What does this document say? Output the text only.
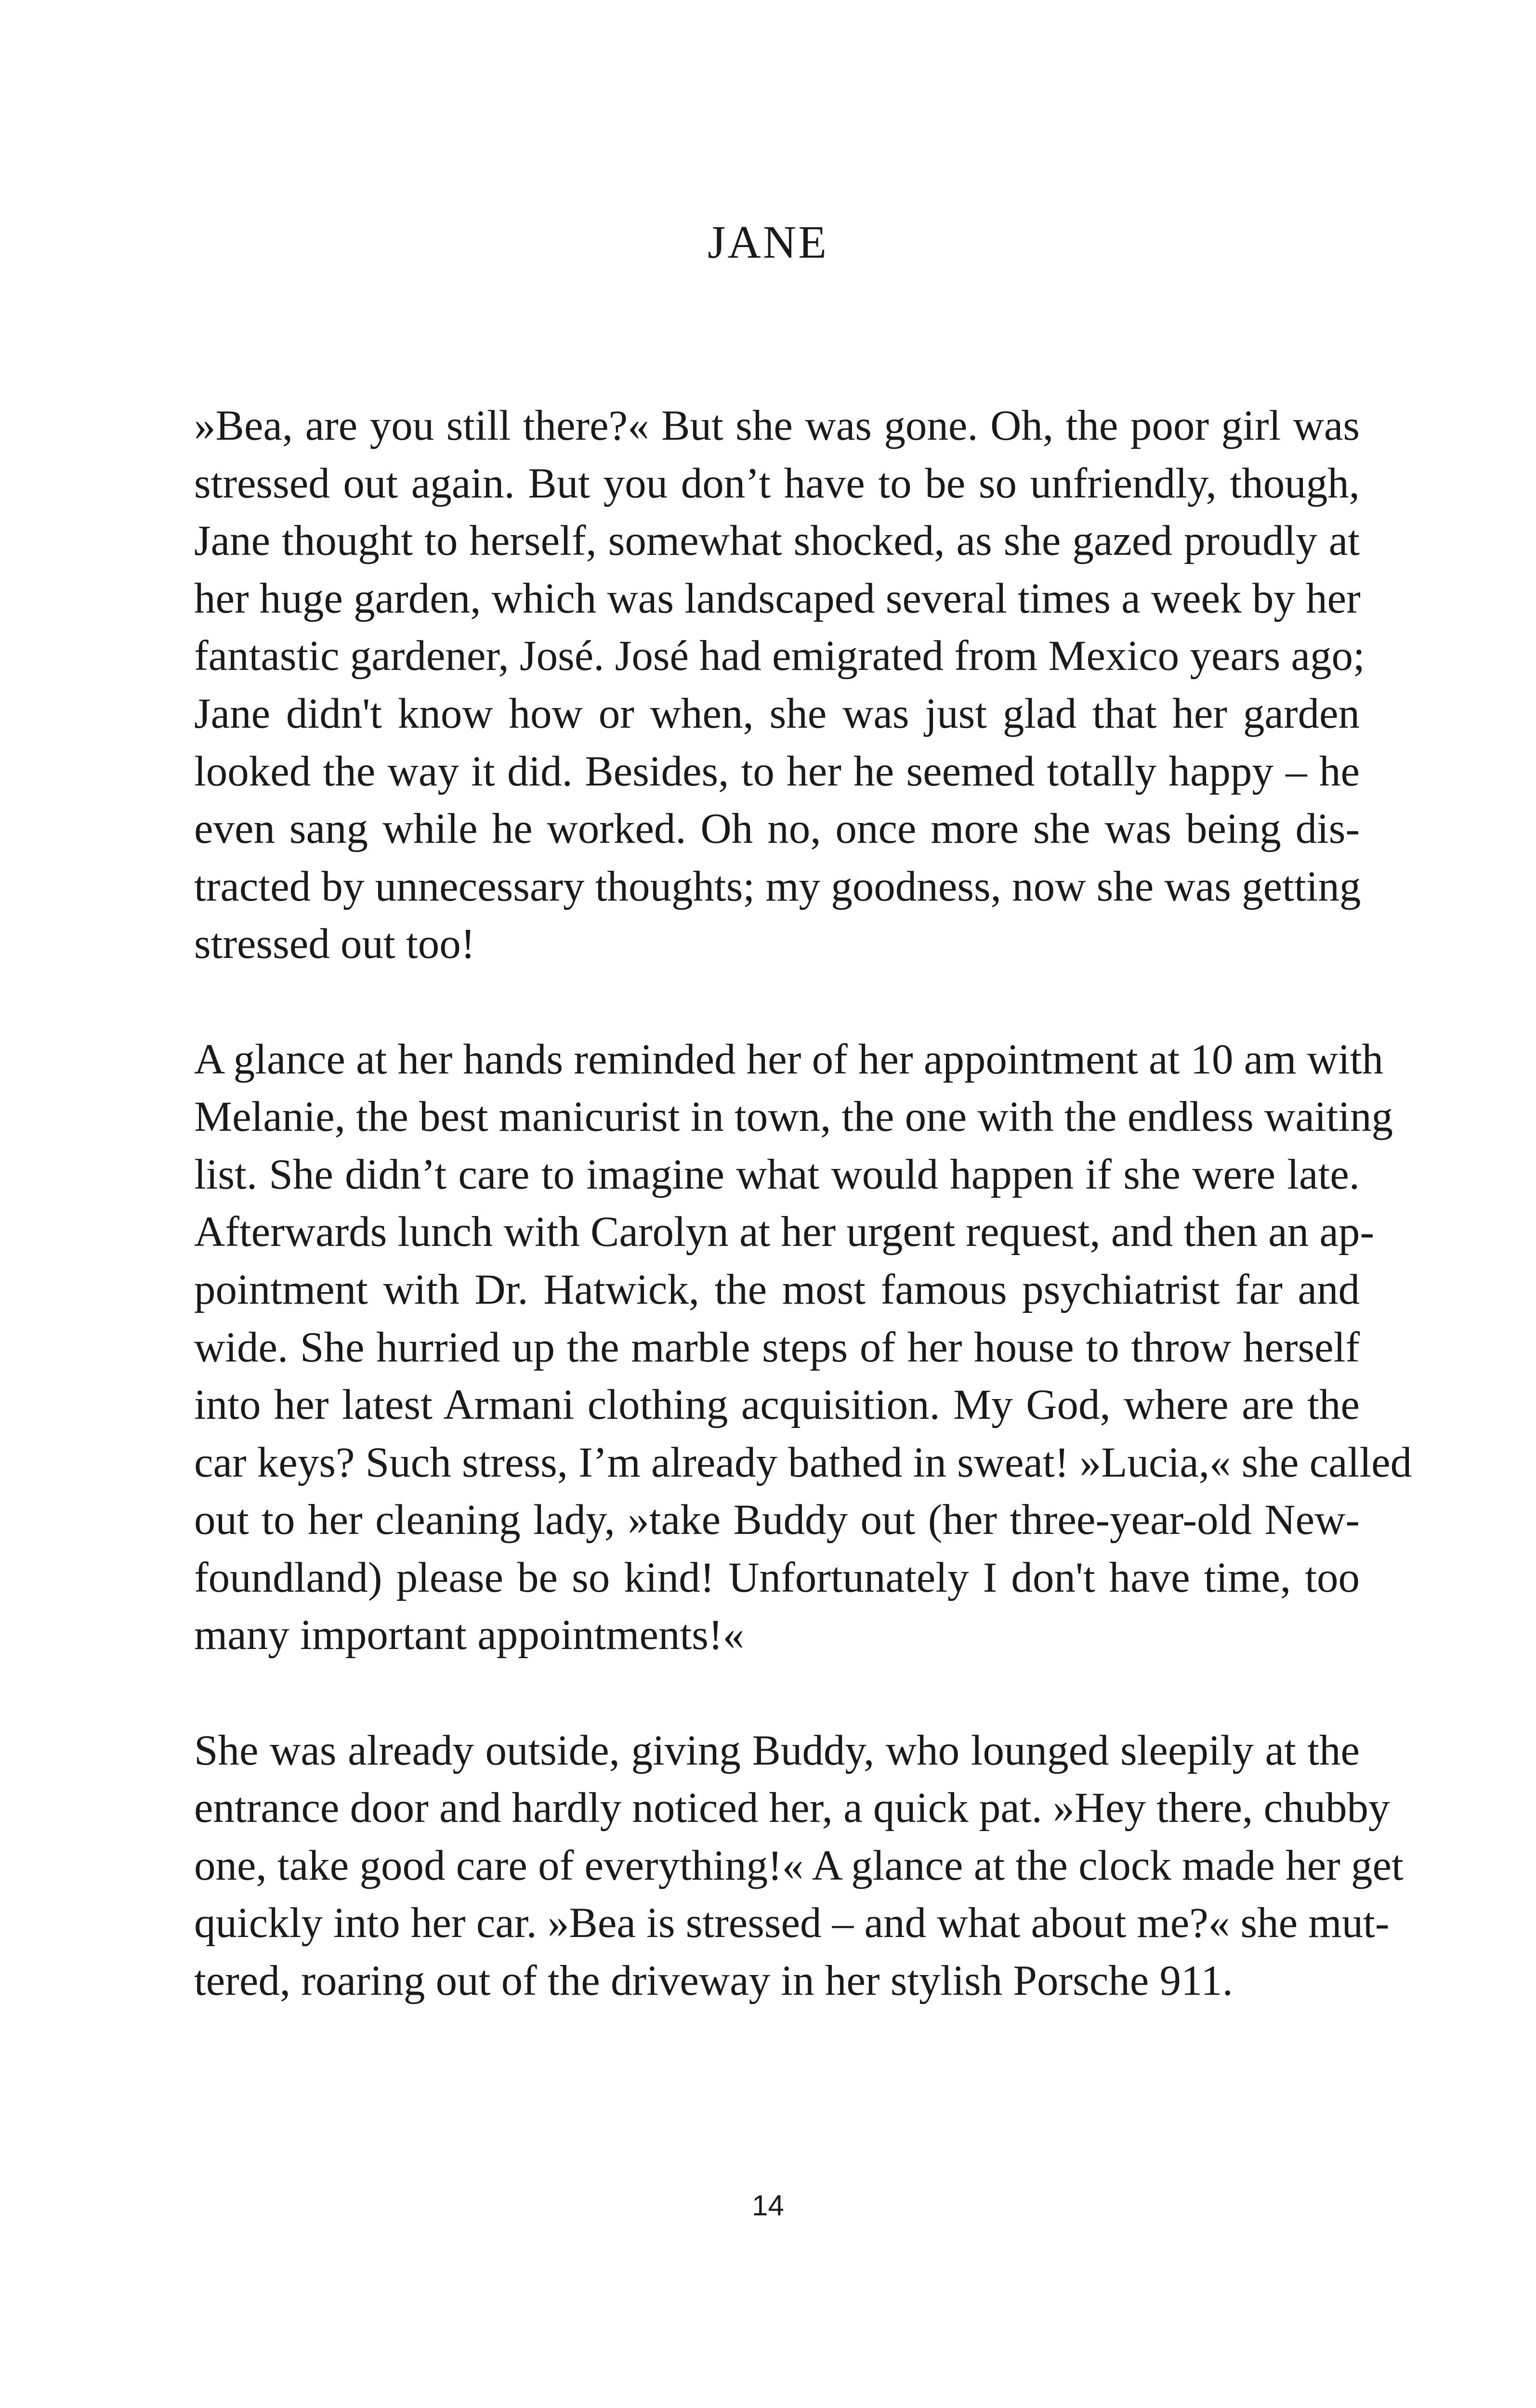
JANE
»Bea, are you still there?« But she was gone. Oh, the poor girl was
stressed out again. But you don’t have to be so unfriendly, though,
Jane thought to herself, somewhat shocked, as she gazed proudly at
her huge garden, which was landscaped several times a week by her
fantastic gardener, José. José had emigrated from Mexico years ago;
Jane didn't know how or when, she was just glad that her garden
looked the way it did. Besides, to her he seemed totally happy – he
even sang while he worked. Oh no, once more she was being dis-
tracted by unnecessary thoughts; my goodness, now she was getting
stressed out too!
A glance at her hands reminded her of her appointment at 10 am with
Melanie, the best manicurist in town, the one with the endless waiting
list. She didn’t care to imagine what would happen if she were late.
Afterwards lunch with Carolyn at her urgent request, and then an ap-
pointment with Dr. Hatwick, the most famous psychiatrist far and
wide. She hurried up the marble steps of her house to throw herself
into her latest Armani clothing acquisition. My God, where are the
car keys? Such stress, I’m already bathed in sweat! »Lucia,« she called
out to her cleaning lady, »take Buddy out (her three-year-old New-
foundland) please be so kind! Unfortunately I don't have time, too
many important appointments!«
She was already outside, giving Buddy, who lounged sleepily at the
entrance door and hardly noticed her, a quick pat. »Hey there, chubby
one, take good care of everything!« A glance at the clock made her get
quickly into her car. »Bea is stressed – and what about me?« she mut-
tered, roaring out of the driveway in her stylish Porsche 911.
14
